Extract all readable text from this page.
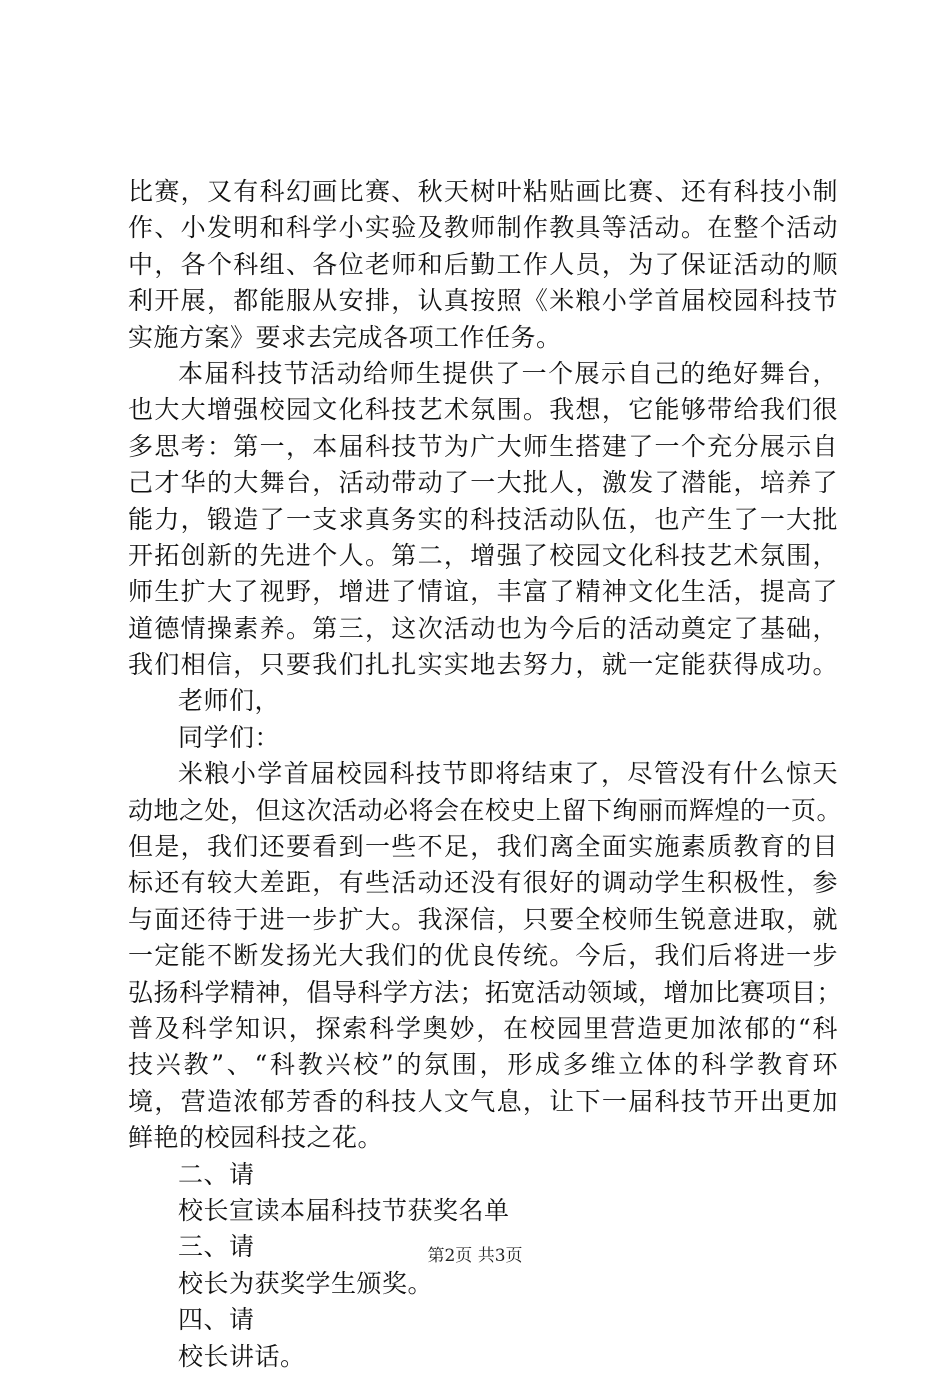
比赛，又有科幻画比赛、秋天树叶粘贴画比赛、还有科技小制
作、小发明和科学小实验及教师制作教具等活动。在整个活动
中，各个科组、各位老师和后勤工作人员，为了保证活动的顺
利开展，都能服从安排，认真按照《米粮小学首届校园科技节
实施方案》要求去完成各项工作任务。
本届科技节活动给师生提供了一个展示自己的绝好舞台，
也大大增强校园文化科技艺术氛围。我想，它能够带给我们很
多思考：第一，本届科技节为广大师生搭建了一个充分展示自
己才华的大舞台，活动带动了一大批人，激发了潜能，培养了
能力，锻造了一支求真务实的科技活动队伍，也产生了一大批
开拓创新的先进个人。第二，增强了校园文化科技艺术氛围，
师生扩大了视野，增进了情谊，丰富了精神文化生活，提高了
道德情操素养。第三，这次活动也为今后的活动奠定了基础，
我们相信，只要我们扎扎实实地去努力，就一定能获得成功。
老师们，
同学们：
米粮小学首届校园科技节即将结束了，尽管没有什么惊天
动地之处，但这次活动必将会在校史上留下绚丽而辉煌的一页。
但是，我们还要看到一些不足，我们离全面实施素质教育的目
标还有较大差距，有些活动还没有很好的调动学生积极性，参
与面还待于进一步扩大。我深信，只要全校师生锐意进取，就
一定能不断发扬光大我们的优良传统。今后，我们后将进一步
弘扬科学精神，倡导科学方法；拓宽活动领域，增加比赛项目；
普及科学知识，探索科学奥妙，在校园里营造更加浓郁的“科
技兴教”、“科教兴校”的氛围，形成多维立体的科学教育环
境，营造浓郁芳香的科技人文气息，让下一届科技节开出更加
鲜艳的校园科技之花。
二、请
校长宣读本届科技节获奖名单
三、请
校长为获奖学生颁奖。
四、请
校长讲话。
第2页 共3页
